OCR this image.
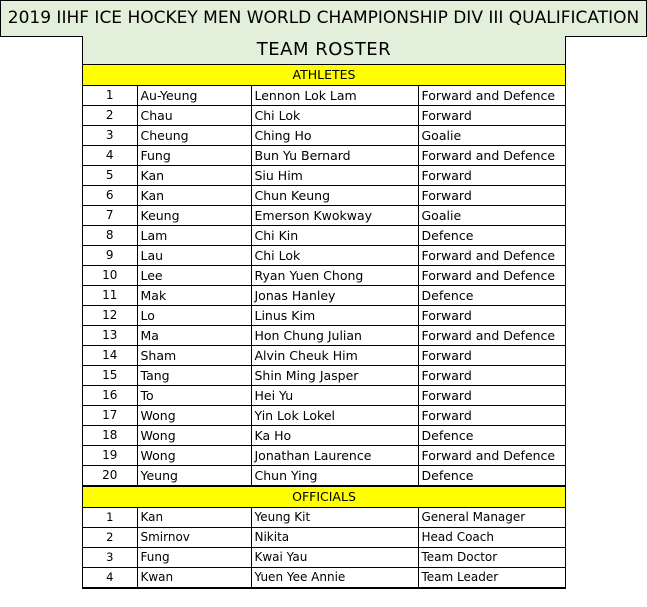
2019 IIHF ICE HOCKEY MEN WORLD CHAMPIONSHIP DIV III QUALIFICATION
TEAM ROSTER
ATHLETES
1	Au-Yeung	Lennon Lok Lam	Forward and Defence
2	Chau	Chi Lok	Forward
3	Cheung	Ching Ho	Goalie
4	Fung	Bun Yu Bernard	Forward and Defence
5	Kan	Siu Him	Forward
6	Kan	Chun Keung	Forward
7	Keung	Emerson Kwokway	Goalie
8	Lam	Chi Kin	Defence
9	Lau	Chi Lok	Forward and Defence
10	Lee	Ryan Yuen Chong	Forward and Defence
11	Mak	Jonas Hanley	Defence
12	Lo	Linus Kim	Forward
13	Ma	Hon Chung Julian	Forward and Defence
14	Sham	Alvin Cheuk Him	Forward
15	Tang	Shin Ming Jasper	Forward
16	To	Hei Yu	Forward
17	Wong	Yin Lok Lokel	Forward
18	Wong	Ka Ho	Defence
19	Wong	Jonathan Laurence	Forward and Defence
20	Yeung	Chun Ying	Defence
OFFICIALS
1	Kan	Yeung Kit	General Manager
2	Smirnov	Nikita	Head Coach
3	Fung	Kwai Yau	Team Doctor
4	Kwan	Yuen Yee Annie	Team Leader
